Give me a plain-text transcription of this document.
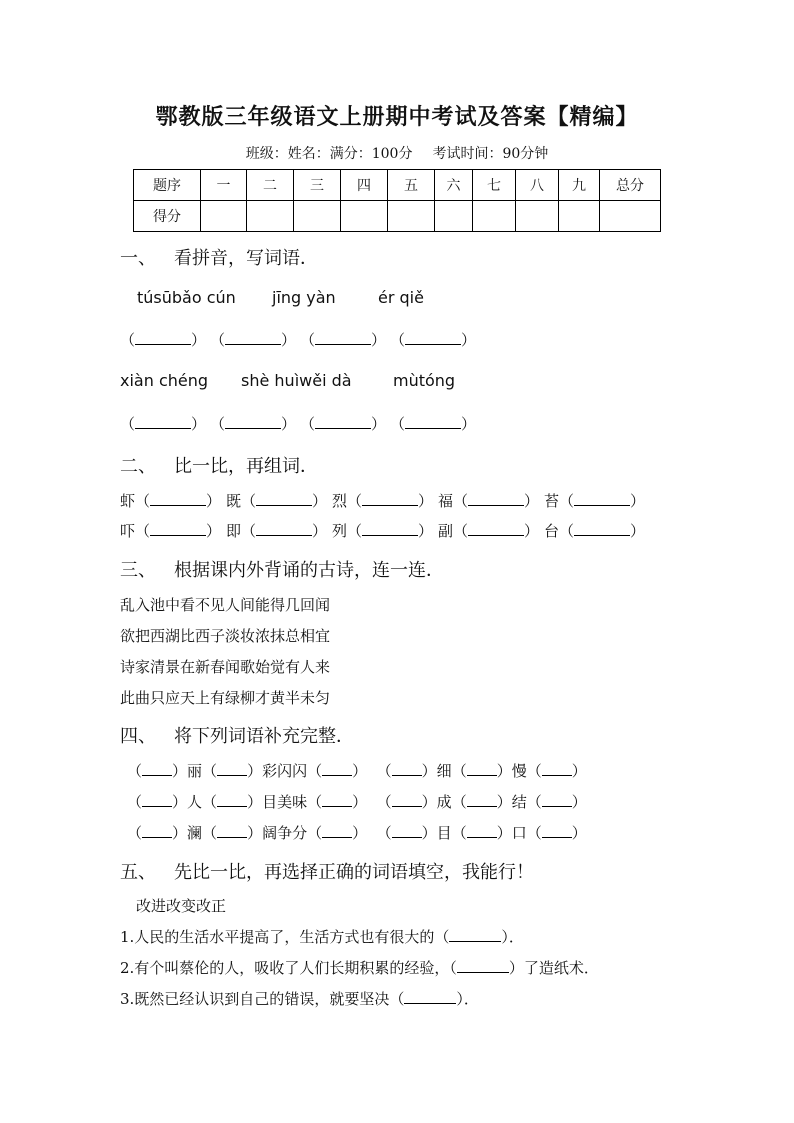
鄂教版三年级语文上册期中考试及答案【精编】
班级：姓名：满分：100分 考试时间：90分钟
题序	一	二	三	四	五	六	七	八	九	总分
得分										
一、 看拼音，写词语．
túsūbǎo cún jīng yàn	ér qiě
（	） （	） （	） （	）
xiàn chéng shè huìwěi dà	mùtóng
（	） （	） （	） （	）
二、 比一比，再组词．
虾（	） 既（	） 烈（	） 福（	） 苔（	）
吓（	） 即（	） 列（	） 副（	） 台（	）
三、 根据课内外背诵的古诗，连一连．
乱入池中看不见人间能得几回闻
欲把西湖比西子淡妆浓抹总相宜
诗家清景在新春闻歌始觉有人来
此曲只应天上有绿柳才黄半未匀
四、 将下列词语补充完整．
（ ）丽（ ）彩闪闪（ ）  （ ）细（ ）慢（ ）
（ ）人（ ）目美味（ ）  （ ）成（ ）结（ ）
（ ）澜（ ）阔争分（ ）  （ ）目（ ）口（ ）
五、 先比一比，再选择正确的词语填空，我能行！
改进改变改正
1.人民的生活水平提高了，生活方式也有很大的（	）．
2.有个叫蔡伦的人，吸收了人们长期积累的经验，（	）了造纸术．
3.既然已经认识到自己的错误，就要坚决（	）．
